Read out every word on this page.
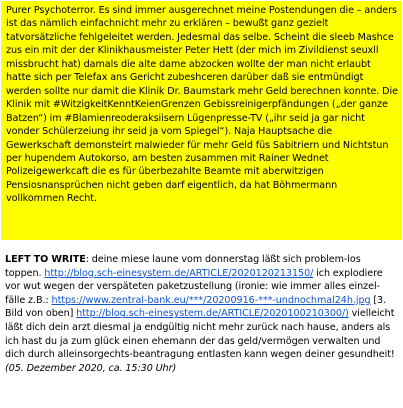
Purer Psychoterror. Es sind immer ausgerechnet meine Postendungen die – anders ist das nämlich einfachnicht mehr zu erklären – bewußt ganz gezielt tatvorsätzliche fehlgeleitet werden. Jedesmal das selbe. Scheint die sleeb Mashce zus ein mit der der Klinikhausmeister Peter Hett (der mich im Zivildienst seuxll missbrucht hat) damals die alte dame abzocken wollte der man nicht erlaubt hatte sich per Telefax ans Gericht zubeshceren darüber daß sie entmündigt werden sollte nur damit die Klinik Dr. Baumstark mehr Geld berechnen konnte. Die Klinik mit #WitzigkeitKenntKeienGrenzen Gebissreinigerpfändungen („der ganze Batzen“) im #Blamienreoderaksiisern Lügenpresse-TV („ihr seid ja gar nicht vonder Schülerzeiung ihr seid ja vom Spiegel“). Naja Hauptsache die Gewerkschaft demonsteirt malwieder für mehr Geld füs Sabitriern und Nichtstun per hupendem Autokorso, am besten zusammen mit Rainer Wednet Polizeigewerkcaft die es für überbezahlte Beamte mit aberwitzigen Pensiosnansprüchen nicht geben darf eigentlich, da hat Böhmermann vollkommen Recht.

LEFT TO WRITE: deine miese laune vom donnerstag läßt sich problem-los toppen. http://blog.sch-einesystem.de/ARTICLE/2020120213150/ ich explodiere vor wut wegen der verspäteten paketzustellung (ironie: wie immer alles einzel-fälle z.B.: https://www.zentral-bank.eu/***/20200916-***-undnochmal24h.jpg [3. Bild von oben] http://blog.sch-einesystem.de/ARTICLE/2020100210300/) vielleicht läßt dich dein arzt diesmal ja endgültig nicht mehr zurück nach hause, anders als ich hast du ja zum glück einen ehemann der das geld/vermögen verwalten und dich durch alleinsorgechts-beantragung entlasten kann wegen deiner gesundheit! (05. Dezember 2020, ca. 15:30 Uhr)
